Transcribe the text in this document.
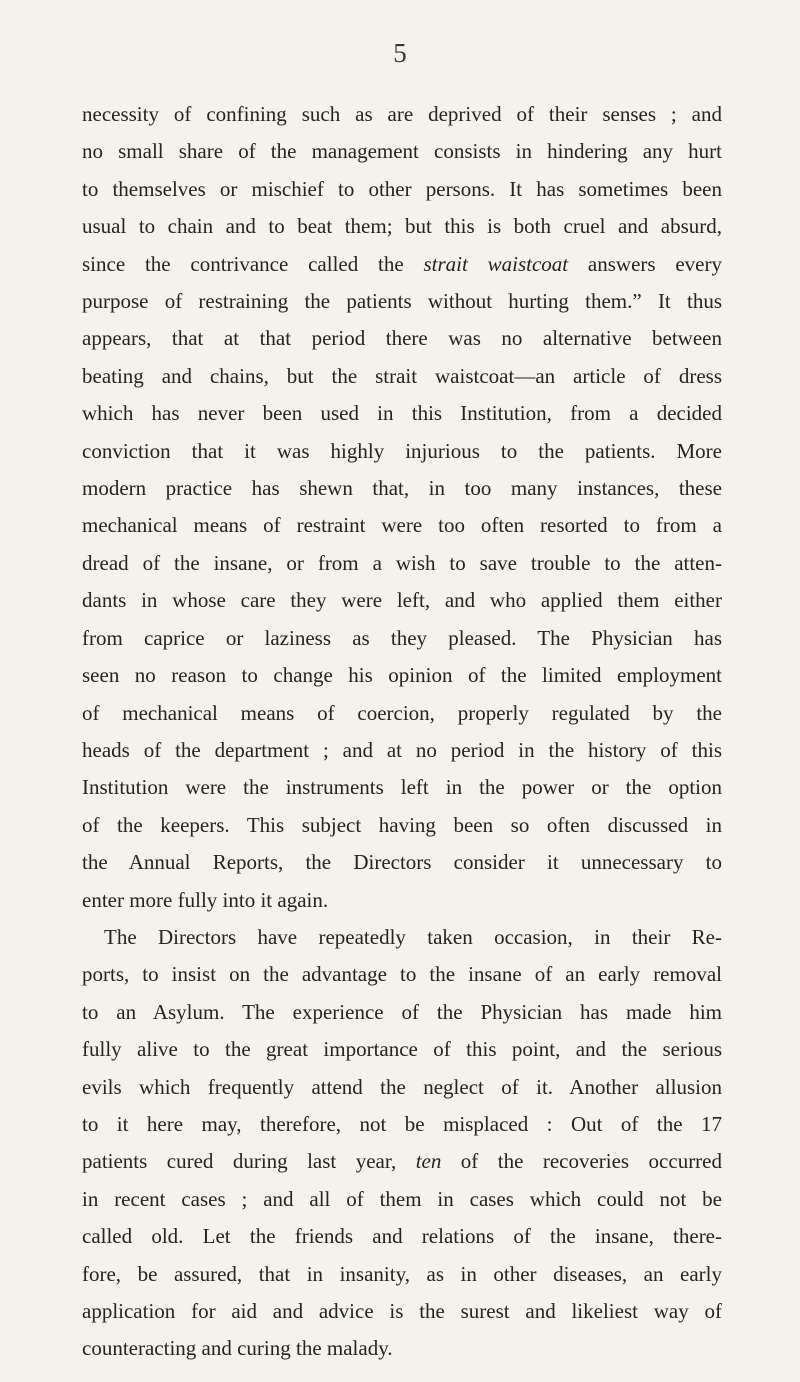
5
necessity of confining such as are deprived of their senses ; and
no small share of the management consists in hindering any hurt
to themselves or mischief to other persons. It has sometimes been
usual to chain and to beat them; but this is both cruel and absurd,
since the contrivance called the strait waistcoat answers every
purpose of restraining the patients without hurting them.” It thus
appears, that at that period there was no alternative between
beating and chains, but the strait waistcoat—an article of dress
which has never been used in this Institution, from a decided
conviction that it was highly injurious to the patients. More
modern practice has shewn that, in too many instances, these
mechanical means of restraint were too often resorted to from a
dread of the insane, or from a wish to save trouble to the atten-
dants in whose care they were left, and who applied them either
from caprice or laziness as they pleased. The Physician has
seen no reason to change his opinion of the limited employment
of mechanical means of coercion, properly regulated by the
heads of the department ; and at no period in the history of this
Institution were the instruments left in the power or the option
of the keepers. This subject having been so often discussed in
the Annual Reports, the Directors consider it unnecessary to
enter more fully into it again.
The Directors have repeatedly taken occasion, in their Re-
ports, to insist on the advantage to the insane of an early removal
to an Asylum. The experience of the Physician has made him
fully alive to the great importance of this point, and the serious
evils which frequently attend the neglect of it. Another allusion
to it here may, therefore, not be misplaced : Out of the 17
patients cured during last year, ten of the recoveries occurred
in recent cases ; and all of them in cases which could not be
called old. Let the friends and relations of the insane, there-
fore, be assured, that in insanity, as in other diseases, an early
application for aid and advice is the surest and likeliest way of
counteracting and curing the malady.
